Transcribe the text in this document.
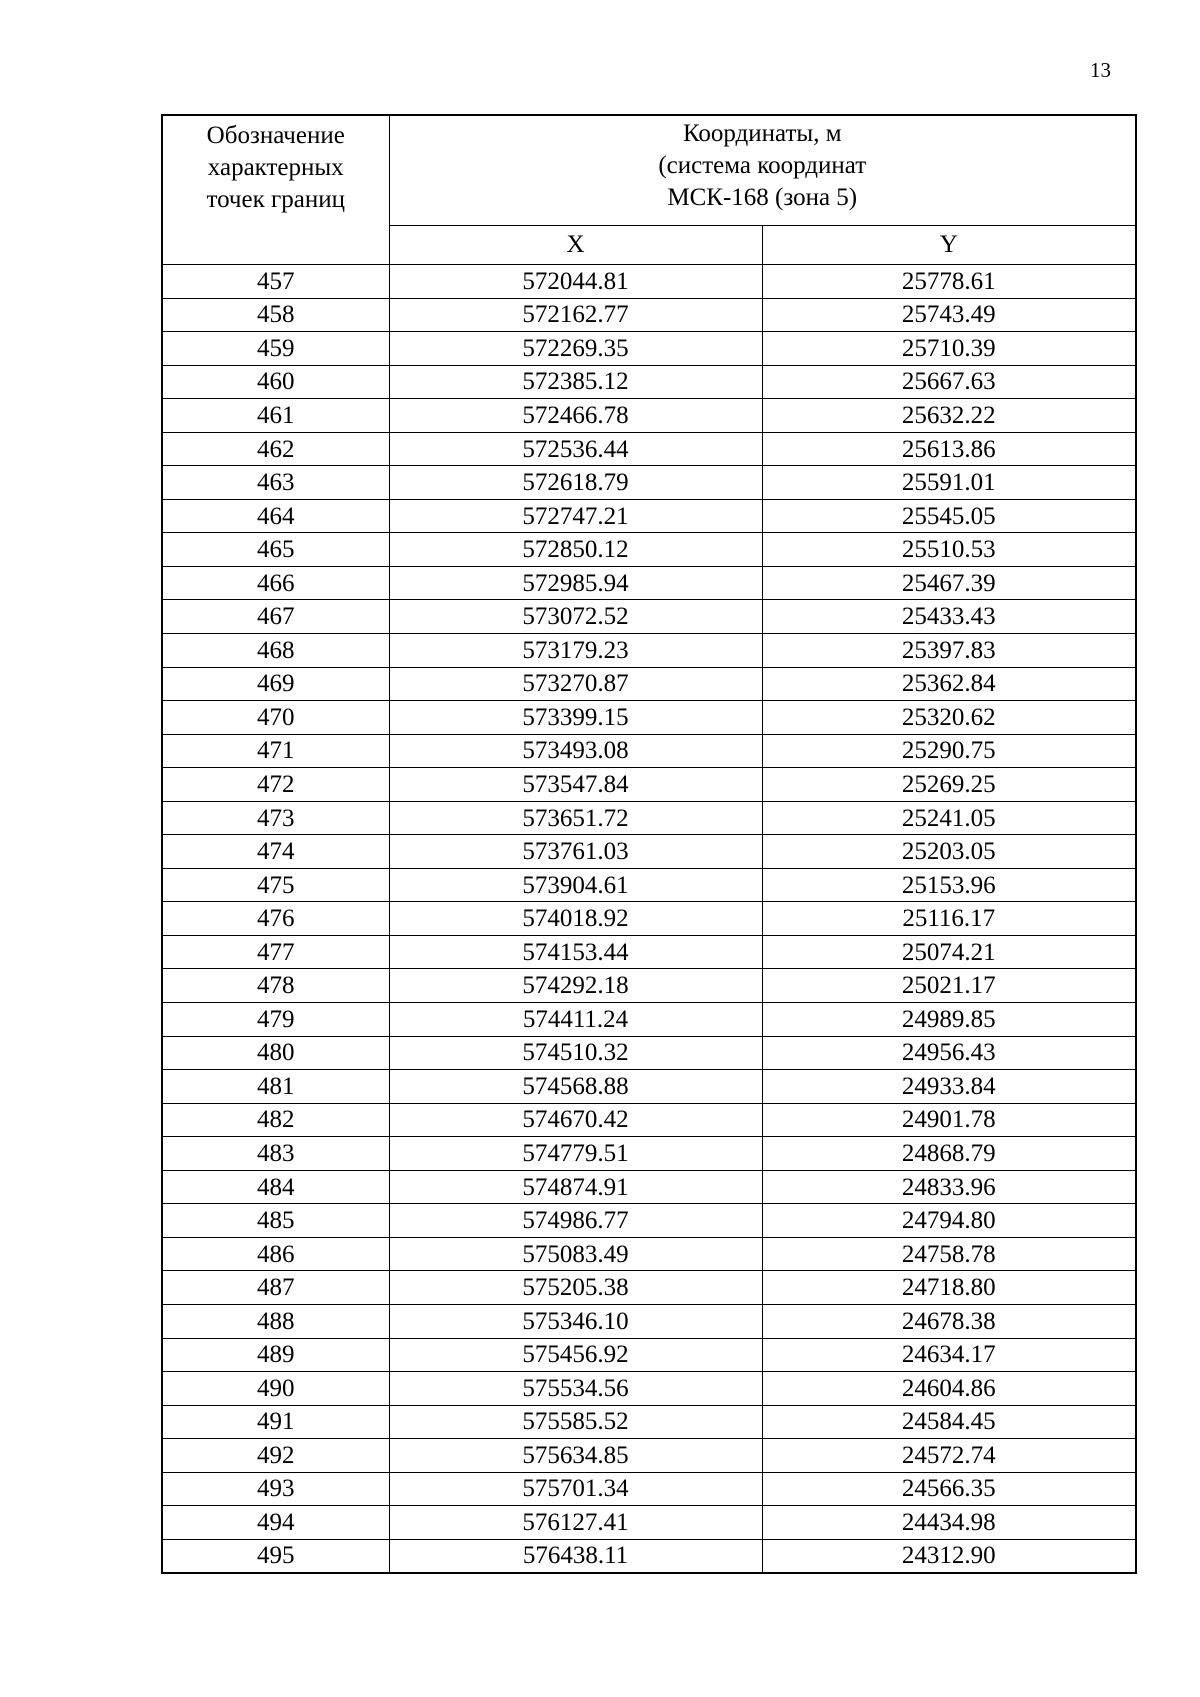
13
Обозначение
характерных
точек границ	Координаты, м
(система координат
МСК-168 (зона 5)	

	X	Y
457	572044.81	25778.61
458	572162.77	25743.49
459	572269.35	25710.39
460	572385.12	25667.63
461	572466.78	25632.22
462	572536.44	25613.86
463	572618.79	25591.01
464	572747.21	25545.05
465	572850.12	25510.53
466	572985.94	25467.39
467	573072.52	25433.43
468	573179.23	25397.83
469	573270.87	25362.84
470	573399.15	25320.62
471	573493.08	25290.75
472	573547.84	25269.25
473	573651.72	25241.05
474	573761.03	25203.05
475	573904.61	25153.96
476	574018.92	25116.17
477	574153.44	25074.21
478	574292.18	25021.17
479	574411.24	24989.85
480	574510.32	24956.43
481	574568.88	24933.84
482	574670.42	24901.78
483	574779.51	24868.79
484	574874.91	24833.96
485	574986.77	24794.80
486	575083.49	24758.78
487	575205.38	24718.80
488	575346.10	24678.38
489	575456.92	24634.17
490	575534.56	24604.86
491	575585.52	24584.45
492	575634.85	24572.74
493	575701.34	24566.35
494	576127.41	24434.98
495	576438.11	24312.90
